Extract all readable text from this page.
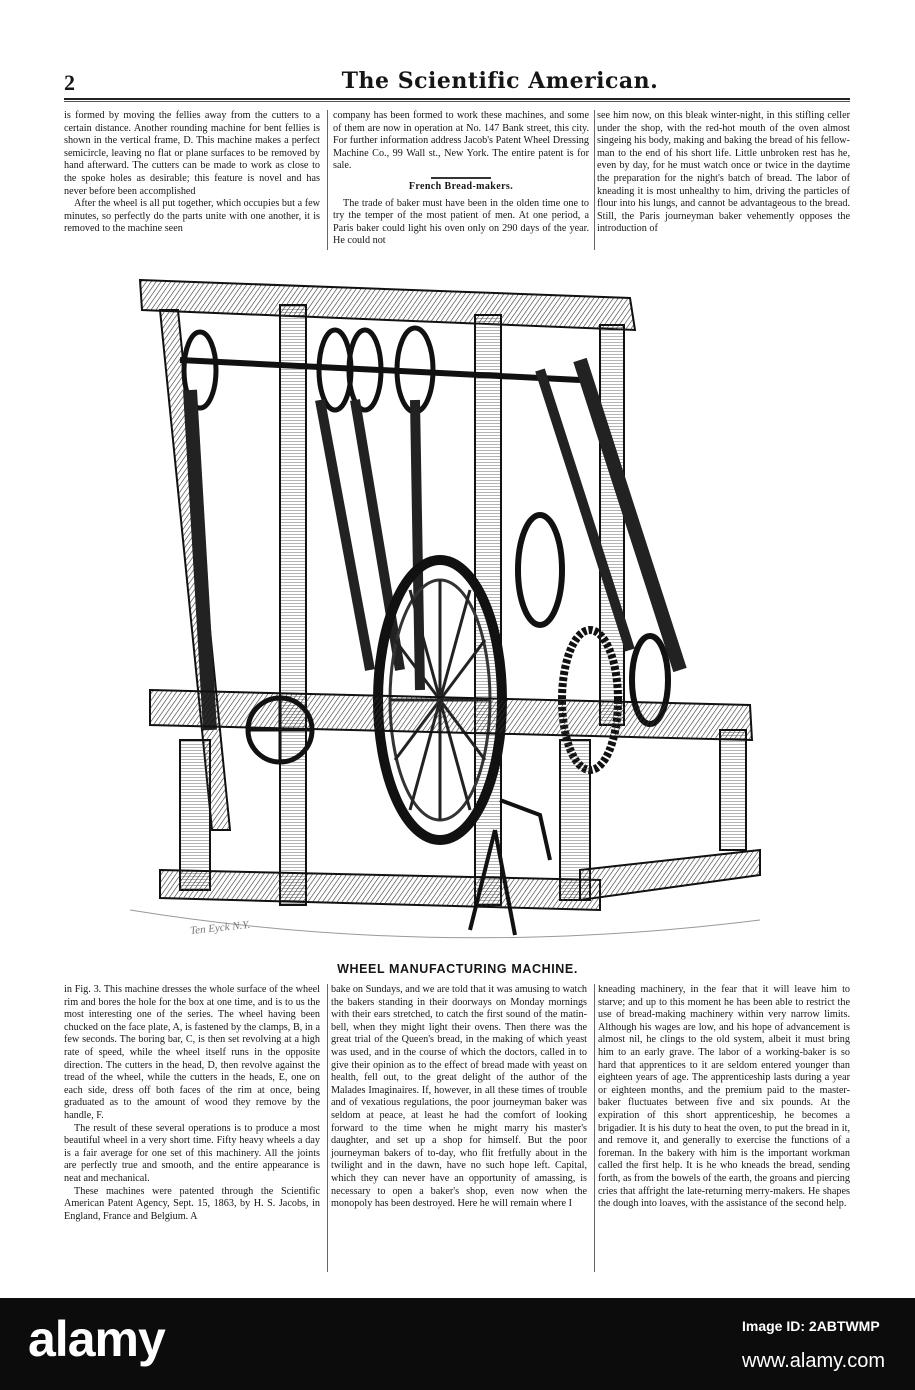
2	The Scientific American.

is formed by moving the fellies away from the cutters to a certain distance. Another rounding machine for bent fellies is shown in the vertical frame, D. This machine makes a perfect semicircle, leaving no flat or plane surfaces to be removed by hand afterward. The cutters can be made to work as close to the spoke holes as desirable; this feature is novel and has never before been accomplished

After the wheel is all put together, which occupies but a few minutes, so perfectly do the parts unite with one another, it is removed to the machine seen

company has been formed to work these machines, and some of them are now in operation at No. 147 Bank street, this city. For further information address Jacob's Patent Wheel Dressing Machine Co., 99 Wall st., New York. The entire patent is for sale.

French Bread-makers.

The trade of baker must have been in the olden time one to try the temper of the most patient of men. At one period, a Paris baker could light his oven only on 290 days of the year. He could not

see him now, on this bleak winter-night, in this stifling celler under the shop, with the red-hot mouth of the oven almost singeing his body, making and baking the bread of his fellow-man to the end of his short life. Little unbroken rest has he, even by day, for he must watch once or twice in the daytime the preparation for the night's batch of bread. The labor of kneading it is most unhealthy to him, driving the particles of flour into his lungs, and cannot be advantageous to the bread. Still, the Paris journeyman baker vehemently opposes the introduction of

Ten Eyck N.Y.
WHEEL MANUFACTURING MACHINE.

in Fig. 3. This machine dresses the whole surface of the wheel rim and bores the hole for the box at one time, and is to us the most interesting one of the series. The wheel having been chucked on the face plate, A, is fastened by the clamps, B, in a few seconds. The boring bar, C, is then set revolving at a high rate of speed, while the wheel itself runs in the opposite direction. The cutters in the head, D, then revolve against the tread of the wheel, while the cutters in the heads, E, one on each side, dress off both faces of the rim at once, being graduated as to the amount of wood they remove by the handle, F.

The result of these several operations is to produce a most beautiful wheel in a very short time. Fifty heavy wheels a day is a fair average for one set of this machinery. All the joints are perfectly true and smooth, and the entire appearance is neat and mechanical.

These machines were patented through the Scientific American Patent Agency, Sept. 15, 1863, by H. S. Jacobs, in England, France and Belgium. A

bake on Sundays, and we are told that it was amusing to watch the bakers standing in their doorways on Monday mornings with their ears stretched, to catch the first sound of the matin-bell, when they might light their ovens. Then there was the great trial of the Queen's bread, in the making of which yeast was used, and in the course of which the doctors, called in to give their opinion as to the effect of bread made with yeast on health, fell out, to the great delight of the author of the Malades Imaginaires. If, however, in all these times of trouble and of vexatious regulations, the poor journeyman baker was seldom at peace, at least he had the comfort of looking forward to the time when he might marry his master's daughter, and set up a shop for himself. But the poor journeyman bakers of to-day, who flit fretfully about in the twilight and in the dawn, have no such hope left. Capital, which they can never have an opportunity of amassing, is necessary to open a baker's shop, even now when the monopoly has been destroyed. Here he will remain where I

kneading machinery, in the fear that it will leave him to starve; and up to this moment he has been able to restrict the use of bread-making machinery within very narrow limits. Although his wages are low, and his hope of advancement is almost nil, he clings to the old system, albeit it must bring him to an early grave. The labor of a working-baker is so hard that apprentices to it are seldom entered younger than eighteen years of age. The apprenticeship lasts during a year or eighteen months, and the premium paid to the master-baker fluctuates between five and six pounds. At the expiration of this short apprenticeship, he becomes a brigadier. It is his duty to heat the oven, to put the bread in it, and remove it, and generally to exercise the functions of a foreman. In the bakery with him is the important workman called the first help. It is he who kneads the bread, sending forth, as from the bowels of the earth, the groans and piercing cries that affright the late-returning merry-makers. He shapes the dough into loaves, with the assistance of the second help.

alamy	Image ID: 2ABTWMP
www.alamy.com
